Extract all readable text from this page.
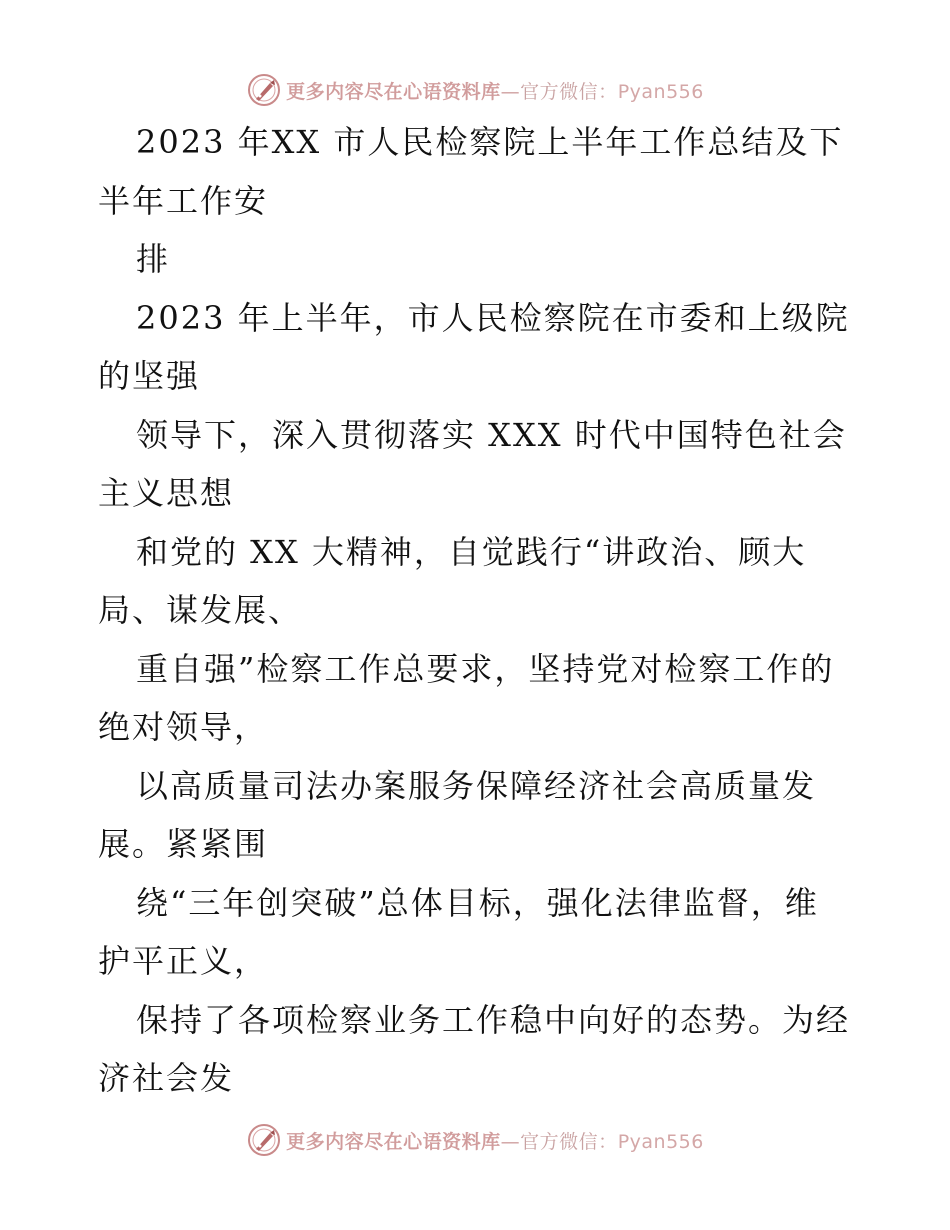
更多内容尽在心语资料库—官方微信：Pyan556
2023 年XX 市人民检察院上半年工作总结及下
半年工作安
排
2023 年上半年，市人民检察院在市委和上级院
的坚强
领导下，深入贯彻落实 XXX 时代中国特色社会
主义思想
和党的 XX 大精神，自觉践行“讲政治、顾大
局、谋发展、
重自强”检察工作总要求，坚持党对检察工作的
绝对领导，
以高质量司法办案服务保障经济社会高质量发
展。紧紧围
绕“三年创突破”总体目标，强化法律监督，维
护平正义，
保持了各项检察业务工作稳中向好的态势。为经
济社会发
更多内容尽在心语资料库—官方微信：Pyan556
